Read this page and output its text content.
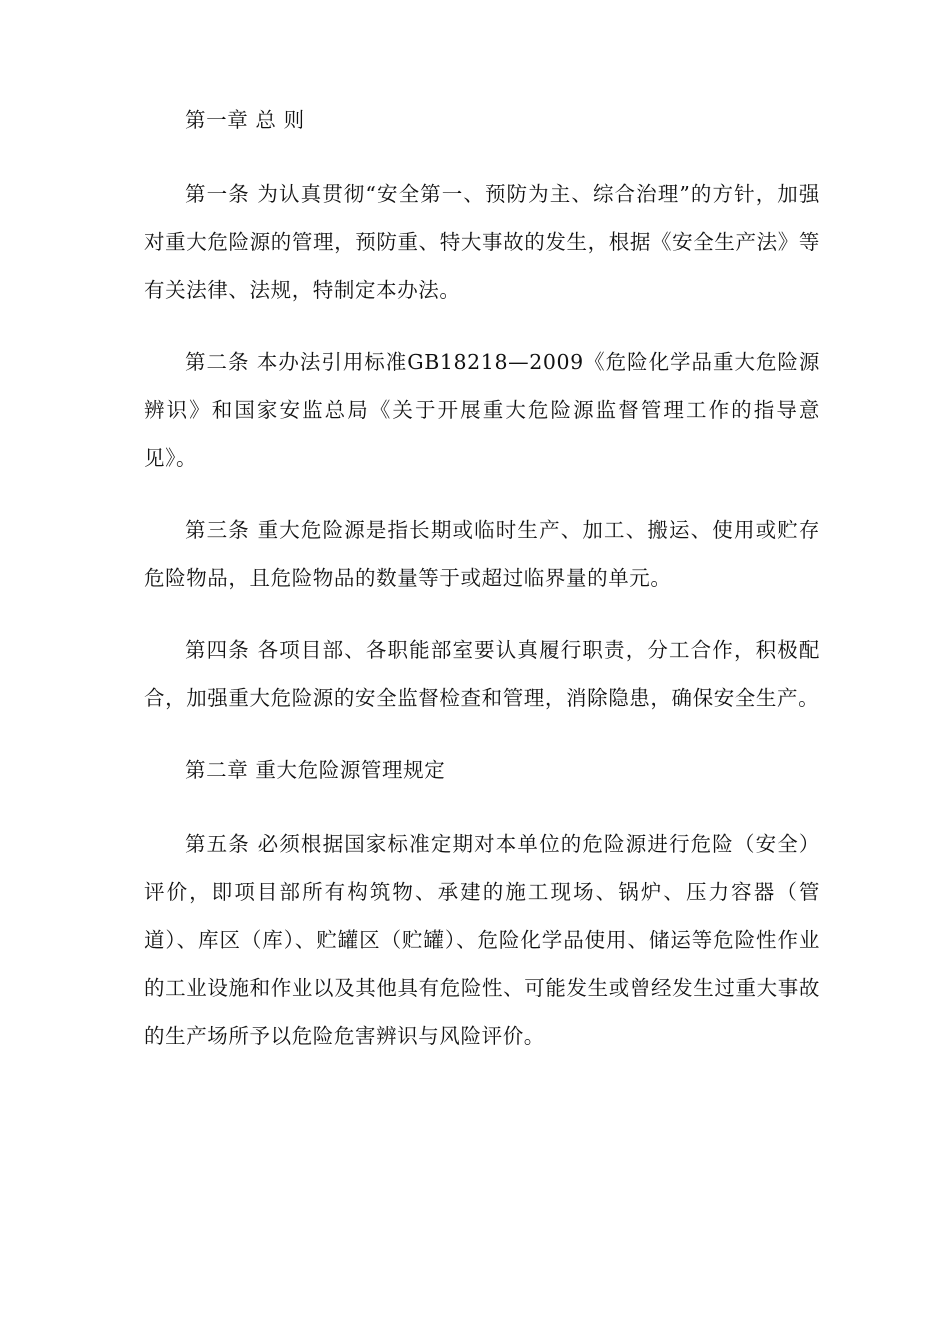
第一章 总 则

第一条 为认真贯彻“安全第一、预防为主、综合治理”的方针，加强对重大危险源的管理，预防重、特大事故的发生，根据《安全生产法》等有关法律、法规，特制定本办法。

第二条 本办法引用标准GB18218—2009《危险化学品重大危险源辨识》和国家安监总局《关于开展重大危险源监督管理工作的指导意见》。

第三条 重大危险源是指长期或临时生产、加工、搬运、使用或贮存危险物品，且危险物品的数量等于或超过临界量的单元。

第四条 各项目部、各职能部室要认真履行职责，分工合作，积极配合，加强重大危险源的安全监督检查和管理，消除隐患，确保安全生产。

第二章 重大危险源管理规定

第五条 必须根据国家标准定期对本单位的危险源进行危险（安全）评价，即项目部所有构筑物、承建的施工现场、锅炉、压力容器（管道）、库区（库）、贮罐区（贮罐）、危险化学品使用、储运等危险性作业的工业设施和作业以及其他具有危险性、可能发生或曾经发生过重大事故的生产场所予以危险危害辨识与风险评价。
